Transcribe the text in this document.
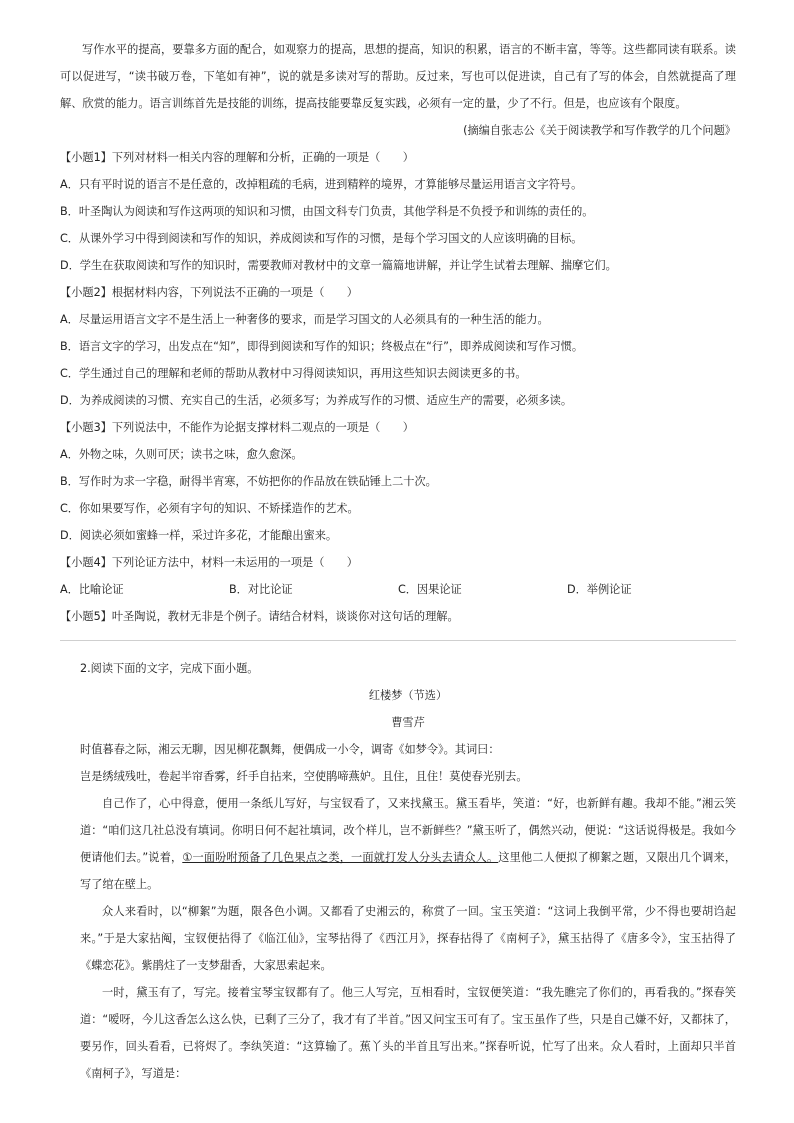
写作水平的提高，要靠多方面的配合，如观察力的提高，思想的提高，知识的积累，语言的不断丰富，等等。这些都同读有联系。读可以促进写，“读书破万卷，下笔如有神”，说的就是多读对写的帮助。反过来，写也可以促进读，自己有了写的体会，自然就提高了理解、欣赏的能力。语言训练首先是技能的训练，提高技能要靠反复实践，必须有一定的量，少了不行。但是，也应该有个限度。

(摘编自张志公《关于阅读教学和写作教学的几个问题》

【小题1】下列对材料一相关内容的理解和分析，正确的一项是（　　）

A．只有平时说的语言不是任意的，改掉粗疏的毛病，进到精粹的境界，才算能够尽量运用语言文字符号。

B．叶圣陶认为阅读和写作这两项的知识和习惯，由国文科专门负责，其他学科是不负授予和训练的责任的。

C．从课外学习中得到阅读和写作的知识，养成阅读和写作的习惯，是每个学习国文的人应该明确的目标。

D．学生在获取阅读和写作的知识时，需要教师对教材中的文章一篇篇地讲解，并让学生试着去理解、揣摩它们。

【小题2】根据材料内容，下列说法不正确的一项是（　　）

A．尽量运用语言文字不是生活上一种奢侈的要求，而是学习国文的人必须具有的一种生活的能力。

B．语言文字的学习，出发点在“知”，即得到阅读和写作的知识；终极点在“行”，即养成阅读和写作习惯。

C．学生通过自己的理解和老师的帮助从教材中习得阅读知识，再用这些知识去阅读更多的书。

D．为养成阅读的习惯、充实自己的生活，必须多写；为养成写作的习惯、适应生产的需要，必须多读。

【小题3】下列说法中，不能作为论据支撑材料二观点的一项是（　　）

A．外物之味，久则可厌；读书之味，愈久愈深。

B．写作时为求一字稳，耐得半宵寒，不妨把你的作品放在铁砧锤上二十次。

C．你如果要写作，必须有字句的知识、不矫揉造作的艺术。

D．阅读必须如蜜蜂一样，采过许多花，才能酿出蜜来。

【小题4】下列论证方法中，材料一未运用的一项是（　　）

A．比喻论证	B．对比论证	C．因果论证	D．举例论证

【小题5】叶圣陶说，教材无非是个例子。请结合材料，谈谈你对这句话的理解。

2.阅读下面的文字，完成下面小题。

红楼梦（节选）

曹雪芹

时值暮春之际，湘云无聊，因见柳花飘舞，便偶成一小令，调寄《如梦令》。其词曰：

岂是绣绒残吐，卷起半帘香雾，纤手自拈来，空使鹃啼燕妒。且住，且住！莫使春光别去。

自己作了，心中得意，便用一条纸儿写好，与宝钗看了，又来找黛玉。黛玉看毕，笑道：“好，也新鲜有趣。我却不能。”湘云笑道：“咱们这几社总没有填词。你明日何不起社填词，改个样儿，岂不新鲜些？”黛玉听了，偶然兴动，便说：“这话说得极是。我如今便请他们去。”说着，①一面吩咐预备了几色果点之类，一面就打发人分头去请众人。这里他二人便拟了柳絮之题，又限出几个调来，写了绾在壁上。

众人来看时，以“柳絮”为题，限各色小调。又都看了史湘云的，称赏了一回。宝玉笑道：“这词上我倒平常，少不得也要胡诌起来。”于是大家拈阄，宝钗便拈得了《临江仙》，宝琴拈得了《西江月》，探春拈得了《南柯子》，黛玉拈得了《唐多令》，宝玉拈得了《蝶恋花》。紫鹃炷了一支梦甜香，大家思索起来。

一时，黛玉有了，写完。接着宝琴宝钗都有了。他三人写完，互相看时，宝钗便笑道：“我先瞧完了你们的，再看我的。”探春笑道：“嗳呀，今儿这香怎么这么快，已剩了三分了，我才有了半首。”因又问宝玉可有了。宝玉虽作了些，只是自己嫌不好，又都抹了，要另作，回头看看，已将烬了。李纨笑道：“这算输了。蕉丫头的半首且写出来。”探春听说，忙写了出来。众人看时，上面却只半首《南柯子》，写道是：
